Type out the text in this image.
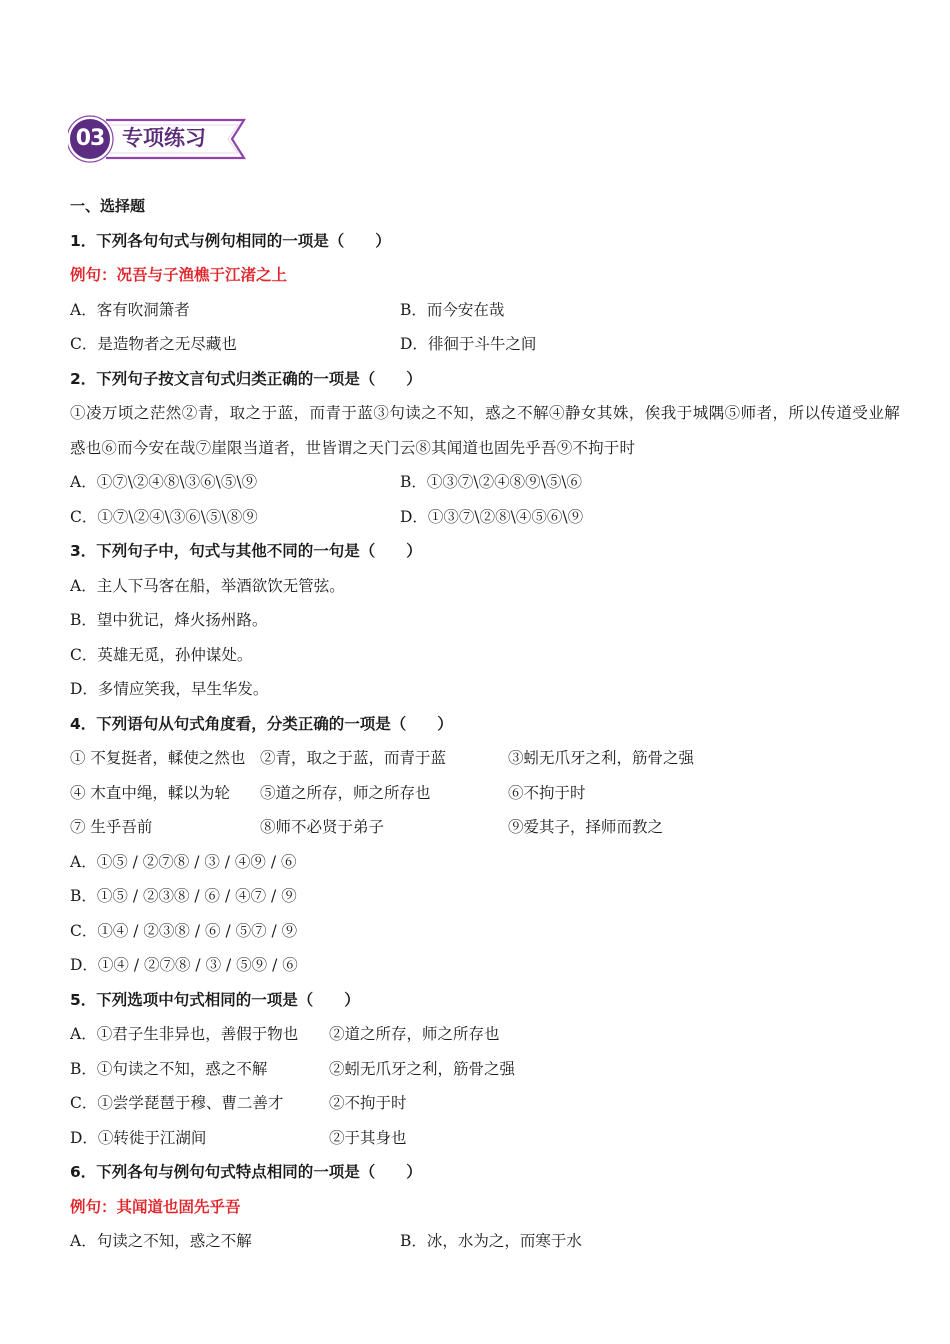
03 专项练习
一、选择题
1．下列各句句式与例句相同的一项是（　　）
例句：况吾与子渔樵于江渚之上
A．客有吹洞箫者	B．而今安在哉
C．是造物者之无尽藏也	D．徘徊于斗牛之间
2．下列句子按文言句式归类正确的一项是（　　）
①凌万顷之茫然②青，取之于蓝，而青于蓝③句读之不知，惑之不解④静女其姝，俟我于城隅⑤师者，所以传道受业解惑也⑥而今安在哉⑦崖限当道者，世皆谓之天门云⑧其闻道也固先乎吾⑨不拘于时
A．①⑦\②④⑧\③⑥\⑤\⑨	B．①③⑦\②④⑧⑨\⑤\⑥
C．①⑦\②④\③⑥\⑤\⑧⑨	D．①③⑦\②⑧\④⑤⑥\⑨
3．下列句子中，句式与其他不同的一句是（　　）
A．主人下马客在船，举酒欲饮无管弦。
B．望中犹记，烽火扬州路。
C．英雄无觅，孙仲谋处。
D．多情应笑我，早生华发。
4．下列语句从句式角度看，分类正确的一项是（　　）
① 不复挺者，輮使之然也 ②青，取之于蓝，而青于蓝	③蚓无爪牙之利，筋骨之强
④ 木直中绳，輮以为轮 ⑤道之所存，师之所存也	⑥不拘于时
⑦ 生乎吾前	⑧师不必贤于弟子	⑨爱其子，择师而教之
A．①⑤ / ②⑦⑧ / ③ / ④⑨ / ⑥
B．①⑤ / ②③⑧ / ⑥ / ④⑦ / ⑨
C．①④ / ②③⑧ / ⑥ / ⑤⑦ / ⑨
D．①④ / ②⑦⑧ / ③ / ⑤⑨ / ⑥
5．下列选项中句式相同的一项是（　　）
A．①君子生非异也，善假于物也 ②道之所存，师之所存也
B．①句读之不知，惑之不解	②蚓无爪牙之利，筋骨之强
C．①尝学琵琶于穆、曹二善才	②不拘于时
D．①转徙于江湖间	②于其身也
6．下列各句与例句句式特点相同的一项是（　　）
例句：其闻道也固先乎吾
A．句读之不知，惑之不解	B．冰，水为之，而寒于水
